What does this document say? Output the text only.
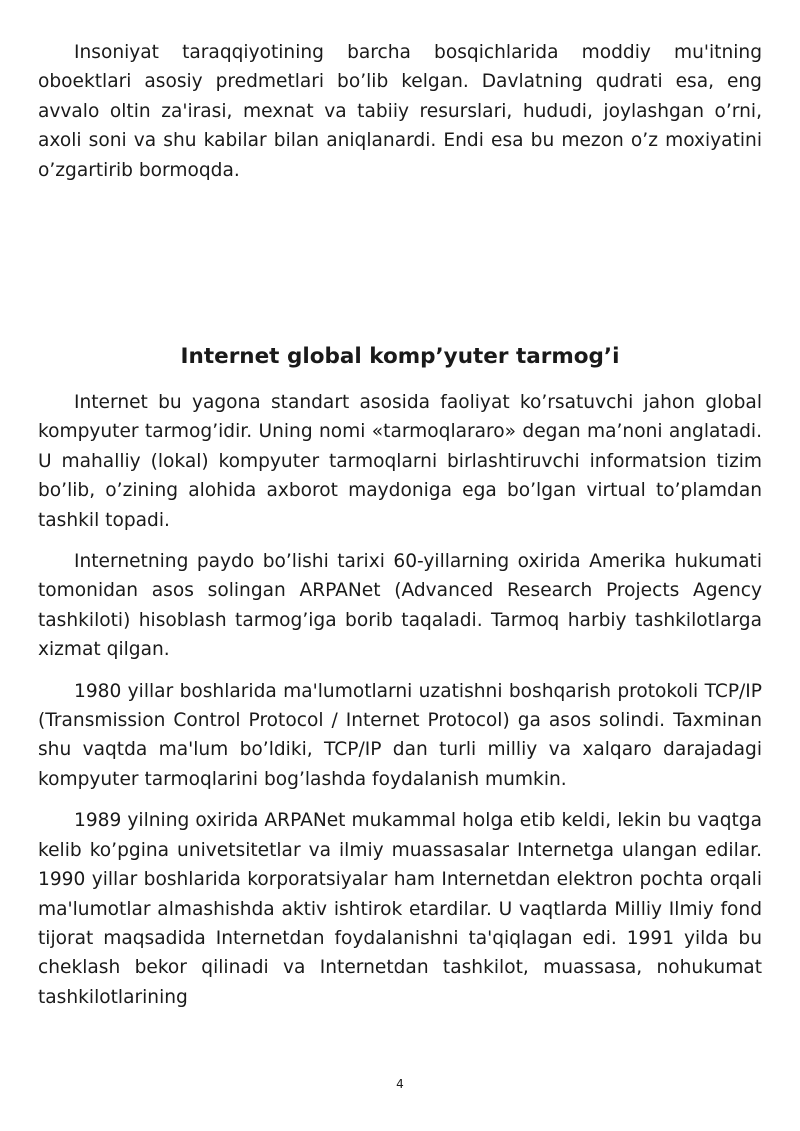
Insoniyat taraqqiyotining barcha bosqichlarida moddiy mu'itning oboektlari asosiy predmetlari bo’lib kelgan. Davlatning qudrati esa, eng avvalo oltin za'irasi, mexnat va tabiiy resurslari, hududi, joylashgan o’rni, axoli soni va shu kabilar bilan aniqlanardi. Endi esa bu mezon o’z moxiyatini o’zgartirib bormoqda.

Internet global komp’yuter tarmog’i

Internet bu yagona standart asosida faoliyat ko’rsatuvchi jahon global kompyuter tarmog’idir. Uning nomi «tarmoqlararo» degan ma’noni anglatadi. U mahalliy (lokal) kompyuter tarmoqlarni birlashtiruvchi informatsion tizim bo’lib, o’zining alohida axborot maydoniga ega bo’lgan virtual to’plamdan tashkil topadi.

Internetning paydo bo’lishi tarixi 60-yillarning oxirida Amerika hukumati tomonidan asos solingan ARPANet (Advanced Research Projects Agency tashkiloti) hisoblash tarmog’iga borib taqaladi. Tarmoq harbiy tashkilotlarga xizmat qilgan.

1980 yillar boshlarida ma'lumotlarni uzatishni boshqarish protokoli TCP/IP (Transmission Control Protocol / Internet Protocol) ga asos solindi. Taxminan shu vaqtda ma'lum bo’ldiki, TCP/IP dan turli milliy va xalqaro darajadagi kompyuter tarmoqlarini bog’lashda foydalanish mumkin.

1989 yilning oxirida ARPANet mukammal holga etib keldi, lekin bu vaqtga kelib ko’pgina univetsitetlar va ilmiy muassasalar Internetga ulangan edilar. 1990 yillar boshlarida korporatsiyalar ham Internetdan elektron pochta orqali ma'lumotlar almashishda aktiv ishtirok etardilar. U vaqtlarda Milliy Ilmiy fond tijorat maqsadida Internetdan foydalanishni ta'qiqlagan edi. 1991 yilda bu cheklash bekor qilinadi va Internetdan tashkilot, muassasa, nohukumat tashkilotlarining

4
